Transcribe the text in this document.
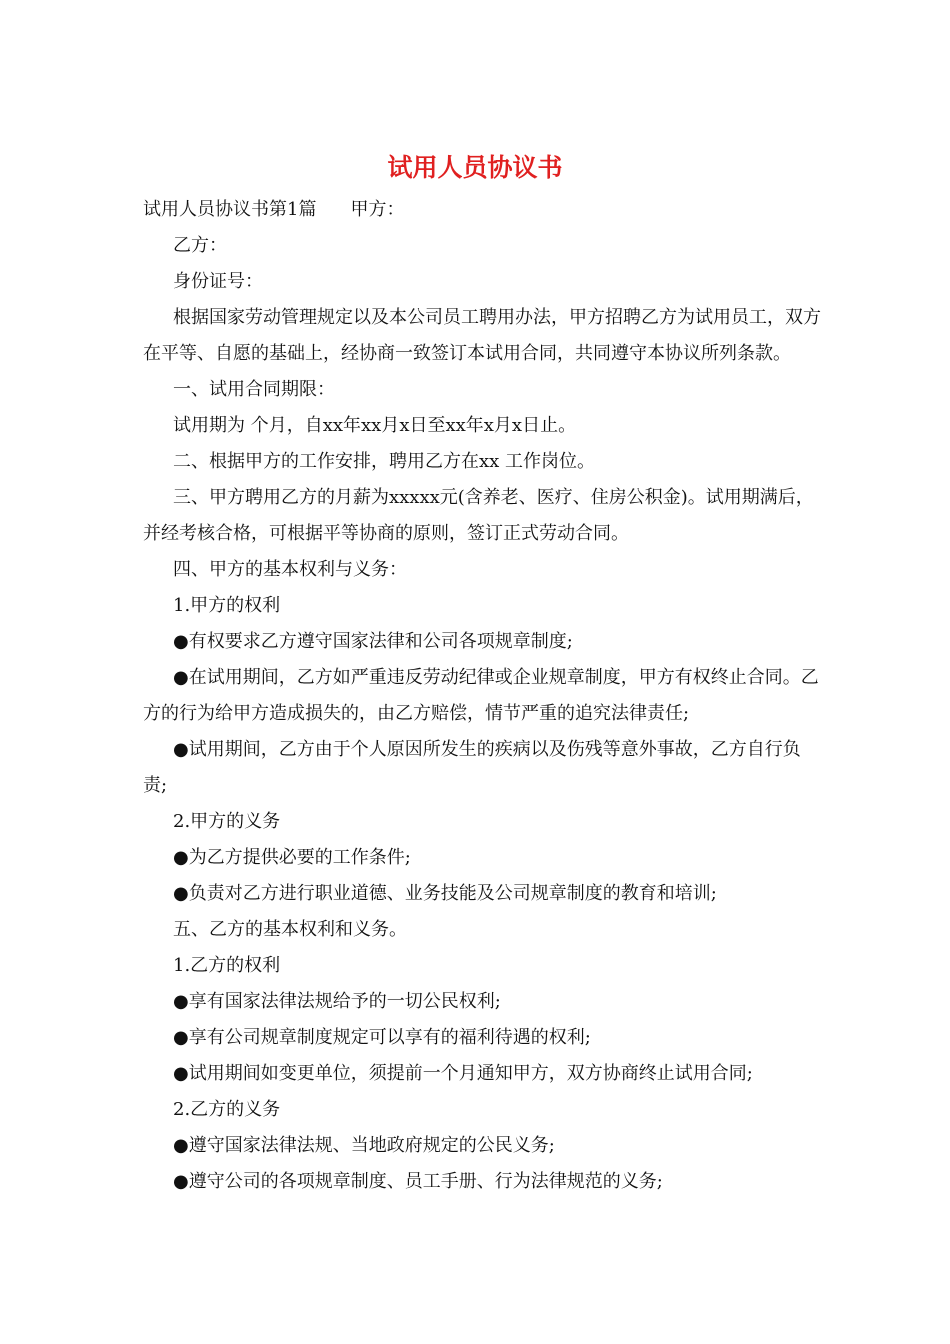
试用人员协议书

试用人员协议书第1篇 甲方：

乙方：

身份证号：

根据国家劳动管理规定以及本公司员工聘用办法，甲方招聘乙方为试用员工，双方在平等、自愿的基础上，经协商一致签订本试用合同，共同遵守本协议所列条款。

一、试用合同期限：

试用期为 个月，自xx年xx月x日至xx年x月x日止。

二、根据甲方的工作安排，聘用乙方在xx 工作岗位。

三、甲方聘用乙方的月薪为xxxxx元(含养老、医疗、住房公积金)。试用期满后，并经考核合格，可根据平等协商的原则，签订正式劳动合同。

四、甲方的基本权利与义务：

1.甲方的权利

●有权要求乙方遵守国家法律和公司各项规章制度;

●在试用期间，乙方如严重违反劳动纪律或企业规章制度，甲方有权终止合同。乙方的行为给甲方造成损失的，由乙方赔偿，情节严重的追究法律责任;

●试用期间，乙方由于个人原因所发生的疾病以及伤残等意外事故，乙方自行负责;

2.甲方的义务

●为乙方提供必要的工作条件;

●负责对乙方进行职业道德、业务技能及公司规章制度的教育和培训;

五、乙方的基本权利和义务。

1.乙方的权利

●享有国家法律法规给予的一切公民权利;

●享有公司规章制度规定可以享有的福利待遇的权利;

●试用期间如变更单位，须提前一个月通知甲方，双方协商终止试用合同;

2.乙方的义务

●遵守国家法律法规、当地政府规定的公民义务;

●遵守公司的各项规章制度、员工手册、行为法律规范的义务;
